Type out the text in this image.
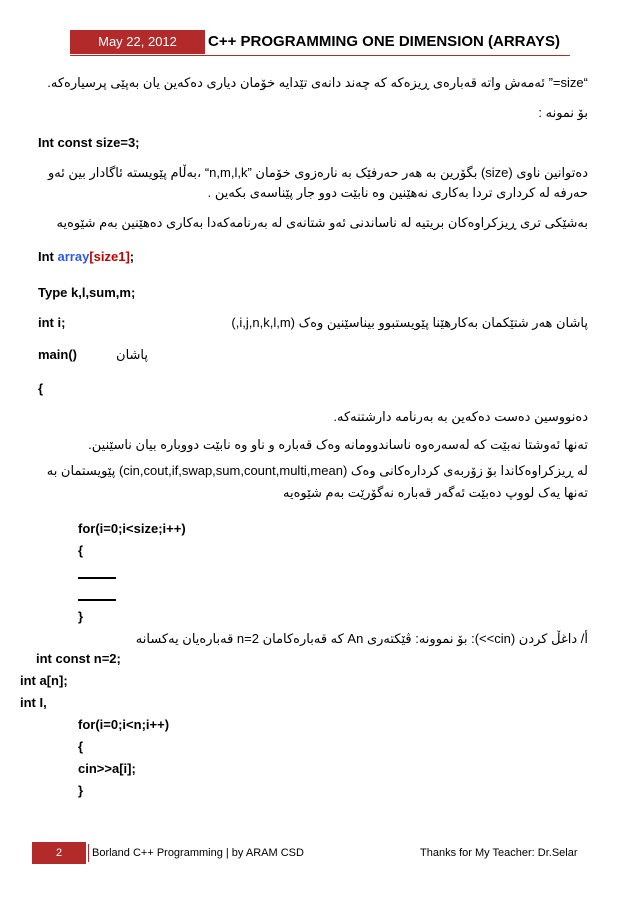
May 22, 2012	C++ PROGRAMMING ONE DIMENSION (ARRAYS)
“size=” ئەمەش واتە قەبارەی ڕیزەکە کە چەند دانەی تێدایە خۆمان دیاری دەکەین یان بەپێی پرسیارەکە.
بۆ نمونە :
Int const size=3;
دەتوانین ناوی (size) بگۆرین بە هەر حەرفێک بە نارەزوی خۆمان ”n,m,l,k“ ،بەڵام پێویستە ئاگادار بین ئەو
حەرفە لە کرداری تردا بەکاری نەهێنین وە نابێت دوو جار پێناسەی بکەین .
بەشێکی تری ڕیزکراوەکان بریتیە لە ناساندنی ئەو شتانەی لە بەرنامەکەدا بەکاری دەهێنین بەم شێوەیە
Int array[size1];
Type k,l,sum,m;
int i;	پاشان هەر شتێکمان بەکارهێنا پێویستبوو بیناسێنین وەک (i,j,n,k,l,m,)
main()	پاشان
{
دەنووسین دەست دەکەین بە بەرنامە دارشتنەکە.
تەنها ئەوشتا نەبێت کە لەسەرەوە ناساندوومانە وەک قەبارە و ناو وە نابێت دووبارە بیان ناسێنین.
لە ڕیزکراوەکاندا بۆ زۆربەی کردارەکانی وەک (cin,cout,if,swap,sum,count,multi,mean) پێویستمان بە
تەنها یەک لووپ دەبێت ئەگەر قەبارە نەگۆرێت بەم شێوەیە
for(i=0;i<size;i++)
{
}
أ/ داغڵ کردن (cin>>): بۆ نموونە: ڤێکتەری An کە قەبارەکامان n=2 قەبارەیان یەکسانە
int const n=2;
int a[n];
int I,
for(i=0;i<n;i++)
{
cin>>a[i];
}
2	Borland C++ Programming | by ARAM CSD	Thanks for My Teacher: Dr.Selar
